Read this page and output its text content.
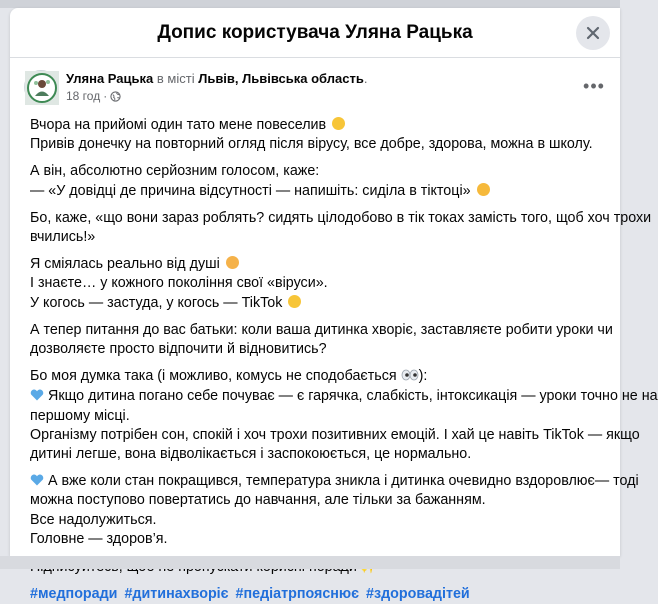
Допис користувача Уляна Рацька
Уляна Рацька в місті Львів, Львівська область.
18 год ·
•••
Вчора на прийомі один тато мене повеселив
Привів донечку на повторний огляд після вірусу, все добре, здорова, можна в школу.
А він, абсолютно серйозним голосом, каже:
— «У довідці де причина відсутності — напишіть: сиділа в тіктоці»
Бо, каже, «що вони зараз роблять? сидять цілодобово в тік токах замість того, щоб хоч трохи
вчились!»
Я сміялась реально від душі
І знаєте… у кожного покоління свої «віруси».
У когось — застуда, у когось — TikTok
А тепер питання до вас батьки: коли ваша дитинка хворіє, заставляєте робити уроки чи
дозволяєте просто відпочити й відновитись?
Бо моя думка така (і можливо, комусь не сподобається ):
Якщо дитина погано себе почуває — є гарячка, слабкість, інтоксикація — уроки точно не на
першому місці.
Організму потрібен сон, спокій і хоч трохи позитивних емоцій. І хай це навіть TikTok — якщо
дитині легше, вона відволікається і заспокоюється, це нормально.
А вже коли стан покращився, температура зникла і дитинка очевидно вздоровлює— тоді
можна поступово повертатись до навчання, але тільки за бажанням.
Все надолужиться.
Головне — здоров’я.
#медпоради #дитинахворіє #педіатрпояснює #здоровадітей
